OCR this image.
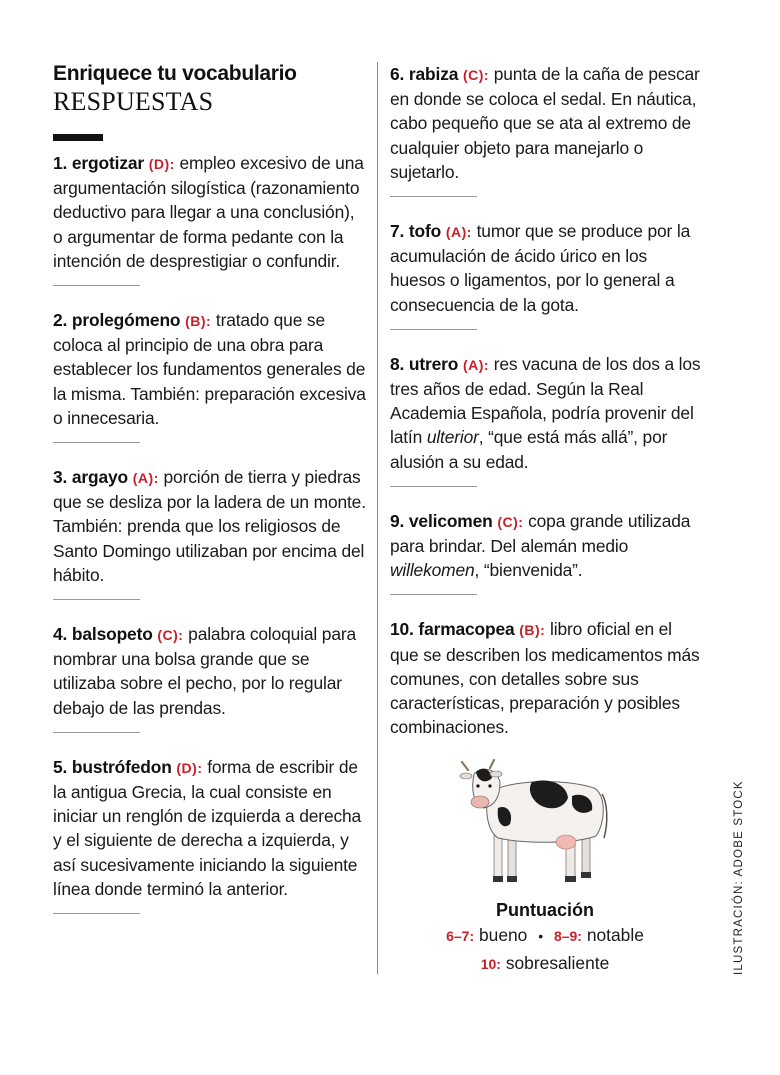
Enriquece tu vocabulario
RESPUESTAS

1. ergotizar (D): empleo excesivo de una argumentación silogística (razonamiento deductivo para llegar a una conclusión), o argumentar de forma pedante con la intención de desprestigiar o confundir.

2. prolegómeno (B): tratado que se coloca al principio de una obra para establecer los fundamentos generales de la misma. También: preparación excesiva o innecesaria.

3. argayo (A): porción de tierra y piedras que se desliza por la ladera de un monte. También: prenda que los religiosos de Santo Domingo utilizaban por encima del hábito.

4. balsopeto (C): palabra coloquial para nombrar una bolsa grande que se utilizaba sobre el pecho, por lo regular debajo de las prendas.

5. bustrófedon (D): forma de escribir de la antigua Grecia, la cual consiste en iniciar un renglón de izquierda a derecha y el siguiente de derecha a izquierda, y así sucesivamente iniciando la siguiente línea donde terminó la anterior.

6. rabiza (C): punta de la caña de pescar en donde se coloca el sedal. En náutica, cabo pequeño que se ata al extremo de cualquier objeto para manejarlo o sujetarlo.

7. tofo (A): tumor que se produce por la acumulación de ácido úrico en los huesos o ligamentos, por lo general a consecuencia de la gota.

8. utrero (A): res vacuna de los dos a los tres años de edad. Según la Real Academia Española, podría provenir del latín ulterior, “que está más allá”, por alusión a su edad.

9. velicomen (C): copa grande utilizada para brindar. Del alemán medio willekomen, “bienvenida”.

10. farmacopea (B): libro oficial en el que se describen los medicamentos más comunes, con detalles sobre sus características, preparación y posibles combinaciones.

Puntuación
6–7: bueno • 8–9: notable
10: sobresaliente	ILUSTRACIÓN: ADOBE STOCK
